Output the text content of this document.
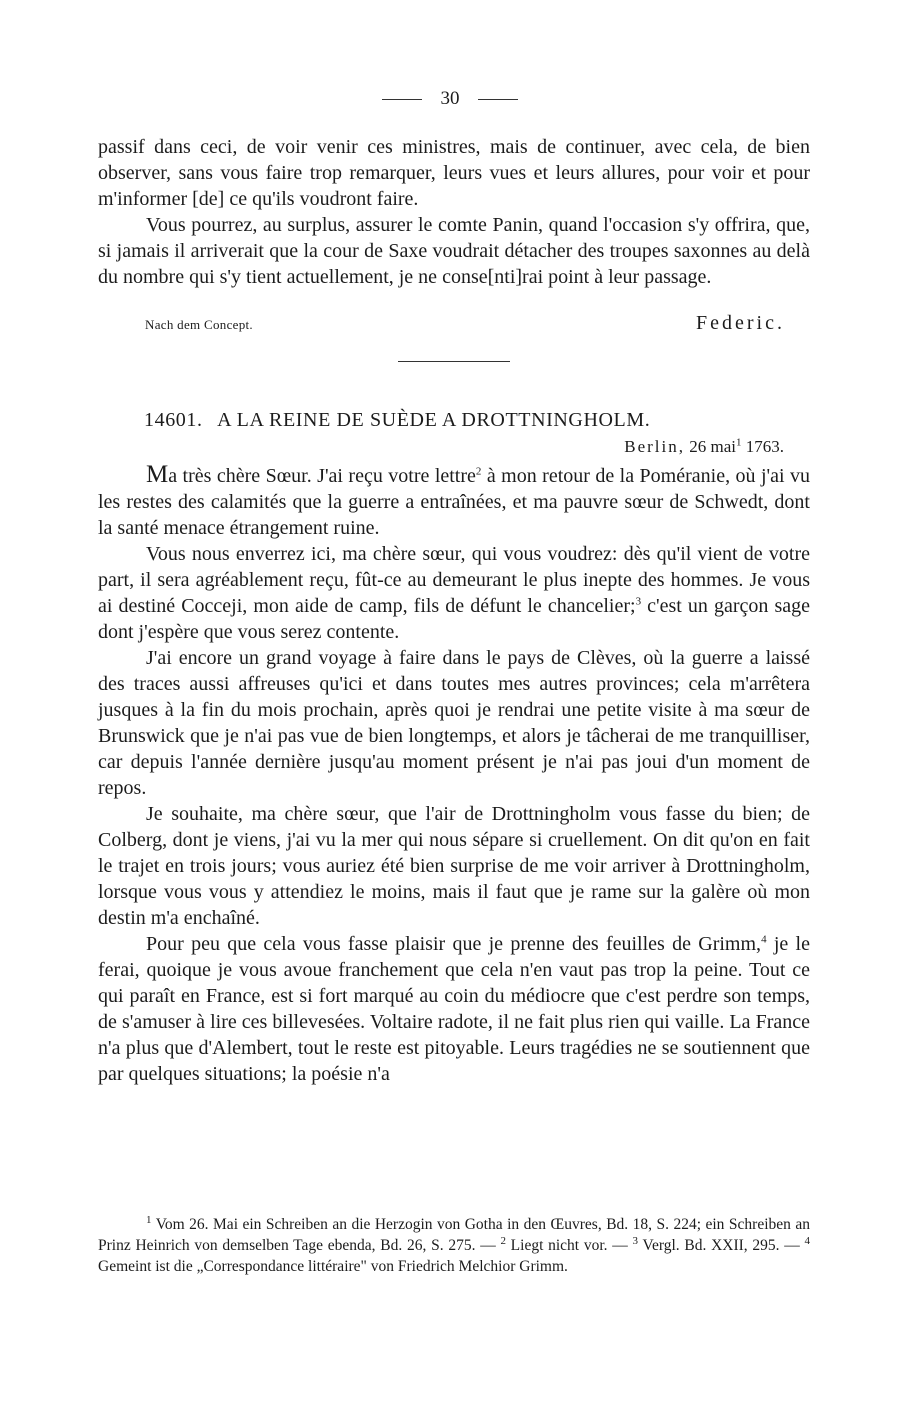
30

passif dans ceci, de voir venir ces ministres, mais de continuer, avec cela, de bien observer, sans vous faire trop remarquer, leurs vues et leurs allures, pour voir et pour m'informer [de] ce qu'ils voudront faire.

Vous pourrez, au surplus, assurer le comte Panin, quand l'occasion s'y offrira, que, si jamais il arriverait que la cour de Saxe voudrait détacher des troupes saxonnes au delà du nombre qui s'y tient actuellement, je ne conse[nti]rai point à leur passage.

Nach dem Concept.	Federic.
14601. A LA REINE DE SUÈDE A DROTTNINGHOLM.
Berlin, 26 mai$^1$ 1763.

Ma très chère Sœur. J'ai reçu votre lettre$^2$ à mon retour de la Poméranie, où j'ai vu les restes des calamités que la guerre a entraînées, et ma pauvre sœur de Schwedt, dont la santé menace étrangement ruine.

Vous nous enverrez ici, ma chère sœur, qui vous voudrez: dès qu'il vient de votre part, il sera agréablement reçu, fût-ce au demeurant le plus inepte des hommes. Je vous ai destiné Cocceji, mon aide de camp, fils de défunt le chancelier;$^3$ c'est un garçon sage dont j'espère que vous serez contente.

J'ai encore un grand voyage à faire dans le pays de Clèves, où la guerre a laissé des traces aussi affreuses qu'ici et dans toutes mes autres provinces; cela m'arrêtera jusques à la fin du mois prochain, après quoi je rendrai une petite visite à ma sœur de Brunswick que je n'ai pas vue de bien longtemps, et alors je tâcherai de me tranquilliser, car depuis l'année dernière jusqu'au moment présent je n'ai pas joui d'un moment de repos.

Je souhaite, ma chère sœur, que l'air de Drottningholm vous fasse du bien; de Colberg, dont je viens, j'ai vu la mer qui nous sépare si cruellement. On dit qu'on en fait le trajet en trois jours; vous auriez été bien surprise de me voir arriver à Drottningholm, lorsque vous vous y attendiez le moins, mais il faut que je rame sur la galère où mon destin m'a enchaîné.

Pour peu que cela vous fasse plaisir que je prenne des feuilles de Grimm,$^4$ je le ferai, quoique je vous avoue franchement que cela n'en vaut pas trop la peine. Tout ce qui paraît en France, est si fort marqué au coin du médiocre que c'est perdre son temps, de s'amuser à lire ces billevesées. Voltaire radote, il ne fait plus rien qui vaille. La France n'a plus que d'Alembert, tout le reste est pitoyable. Leurs tragédies ne se soutiennent que par quelques situations; la poésie n'a

$^1$ Vom 26. Mai ein Schreiben an die Herzogin von Gotha in den Œuvres, Bd. 18, S. 224; ein Schreiben an Prinz Heinrich von demselben Tage ebenda, Bd. 26, S. 275. — $^2$ Liegt nicht vor. — $^3$ Vergl. Bd. XXII, 295. — $^4$ Gemeint ist die „Correspondance littéraire" von Friedrich Melchior Grimm.
